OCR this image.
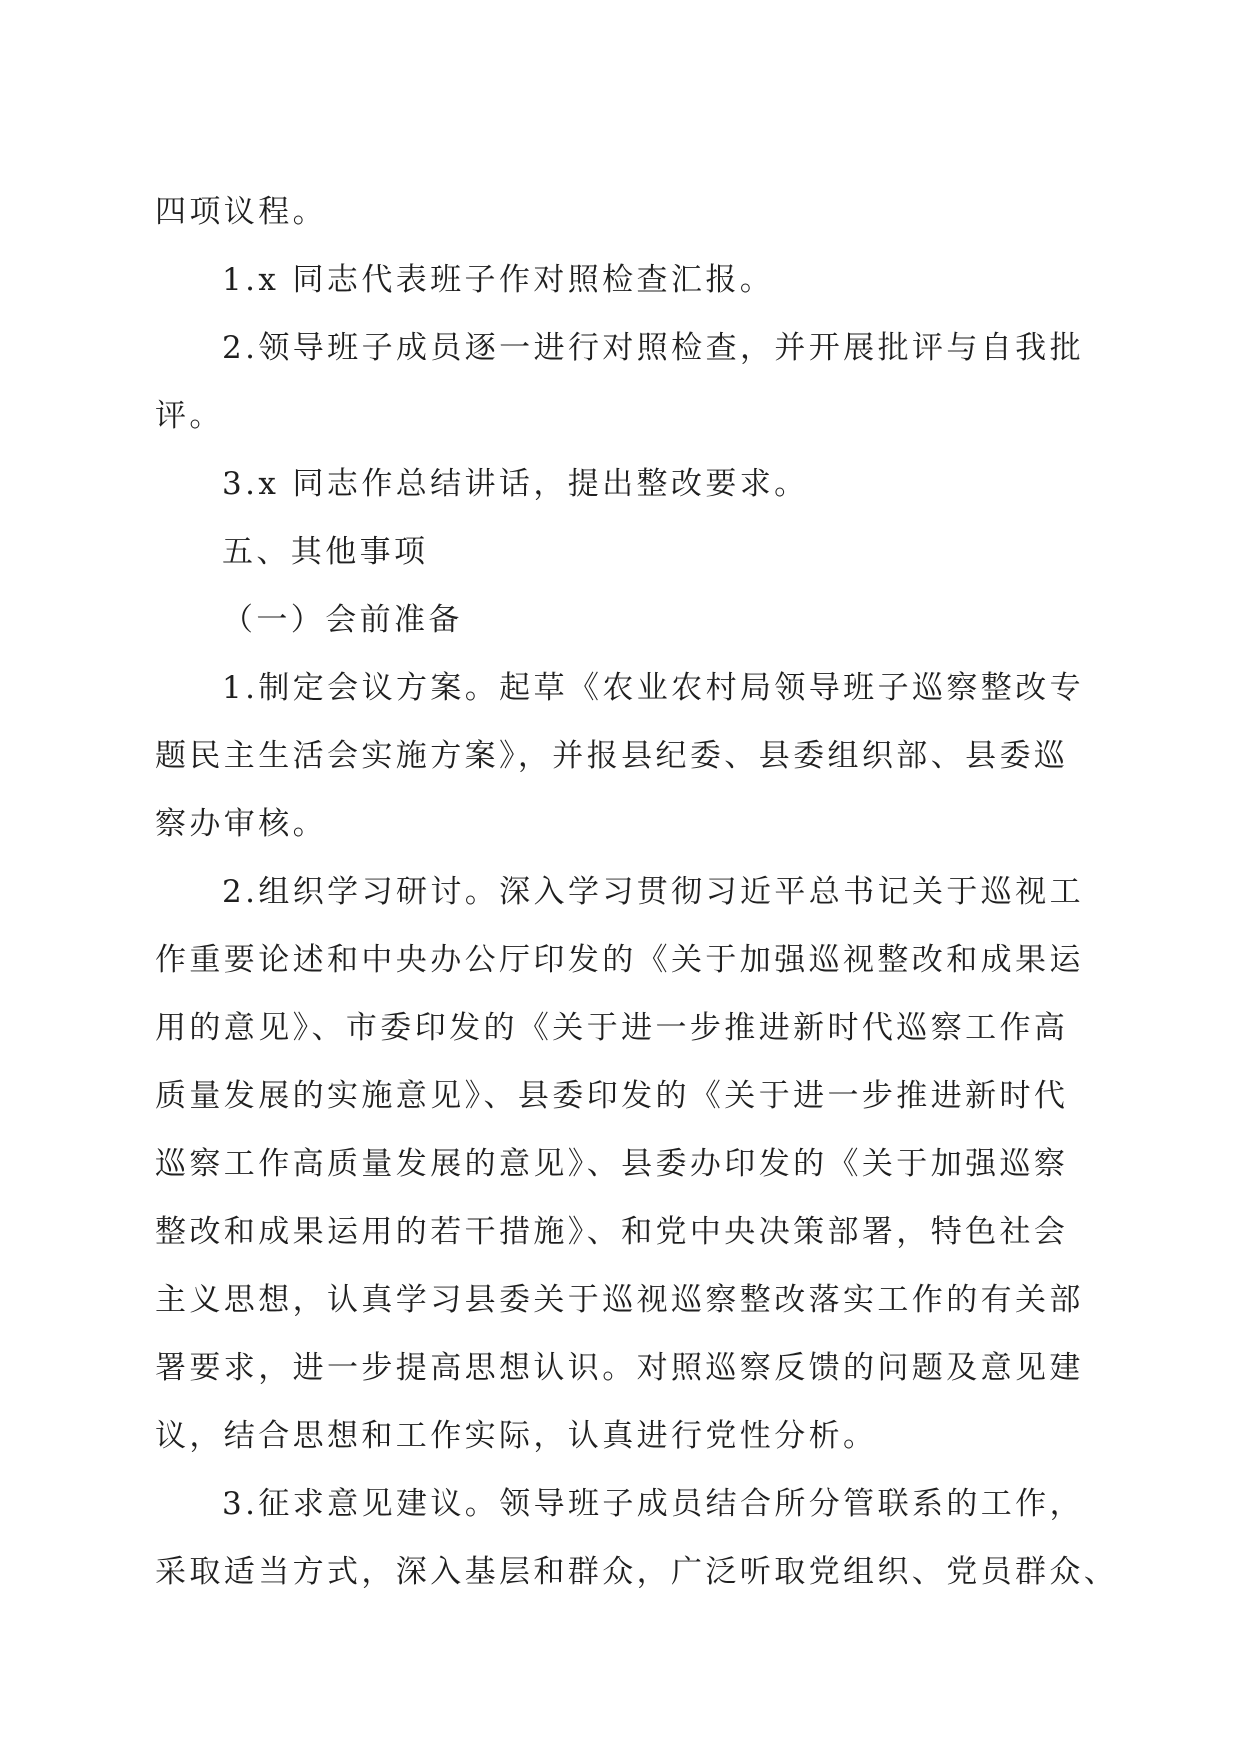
四项议程。
1.x 同志代表班子作对照检查汇报。
2.领导班子成员逐一进行对照检查，并开展批评与自我批
评。
3.x 同志作总结讲话，提出整改要求。
五、其他事项
（一）会前准备
1.制定会议方案。起草《农业农村局领导班子巡察整改专
题民主生活会实施方案》，并报县纪委、县委组织部、县委巡
察办审核。
2.组织学习研讨。深入学习贯彻习近平总书记关于巡视工
作重要论述和中央办公厅印发的《关于加强巡视整改和成果运
用的意见》、市委印发的《关于进一步推进新时代巡察工作高
质量发展的实施意见》、县委印发的《关于进一步推进新时代
巡察工作高质量发展的意见》、县委办印发的《关于加强巡察
整改和成果运用的若干措施》、和党中央决策部署，特色社会
主义思想，认真学习县委关于巡视巡察整改落实工作的有关部
署要求，进一步提高思想认识。对照巡察反馈的问题及意见建
议，结合思想和工作实际，认真进行党性分析。
3.征求意见建议。领导班子成员结合所分管联系的工作，
采取适当方式，深入基层和群众，广泛听取党组织、党员群众、
